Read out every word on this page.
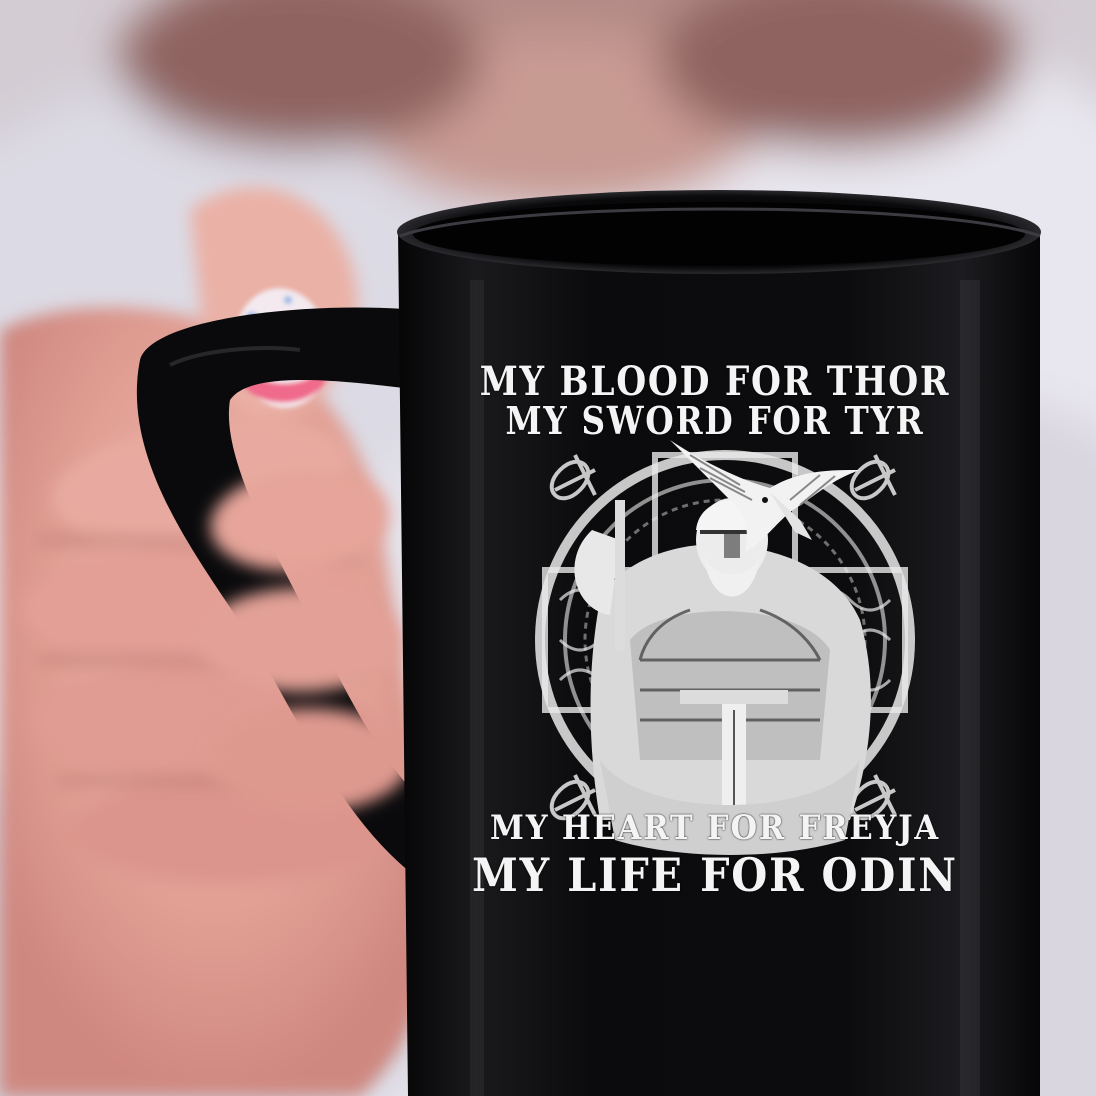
MY BLOOD FOR THOR
MY SWORD FOR TYR
MY HEART FOR FREYJA
MY LIFE FOR ODIN
